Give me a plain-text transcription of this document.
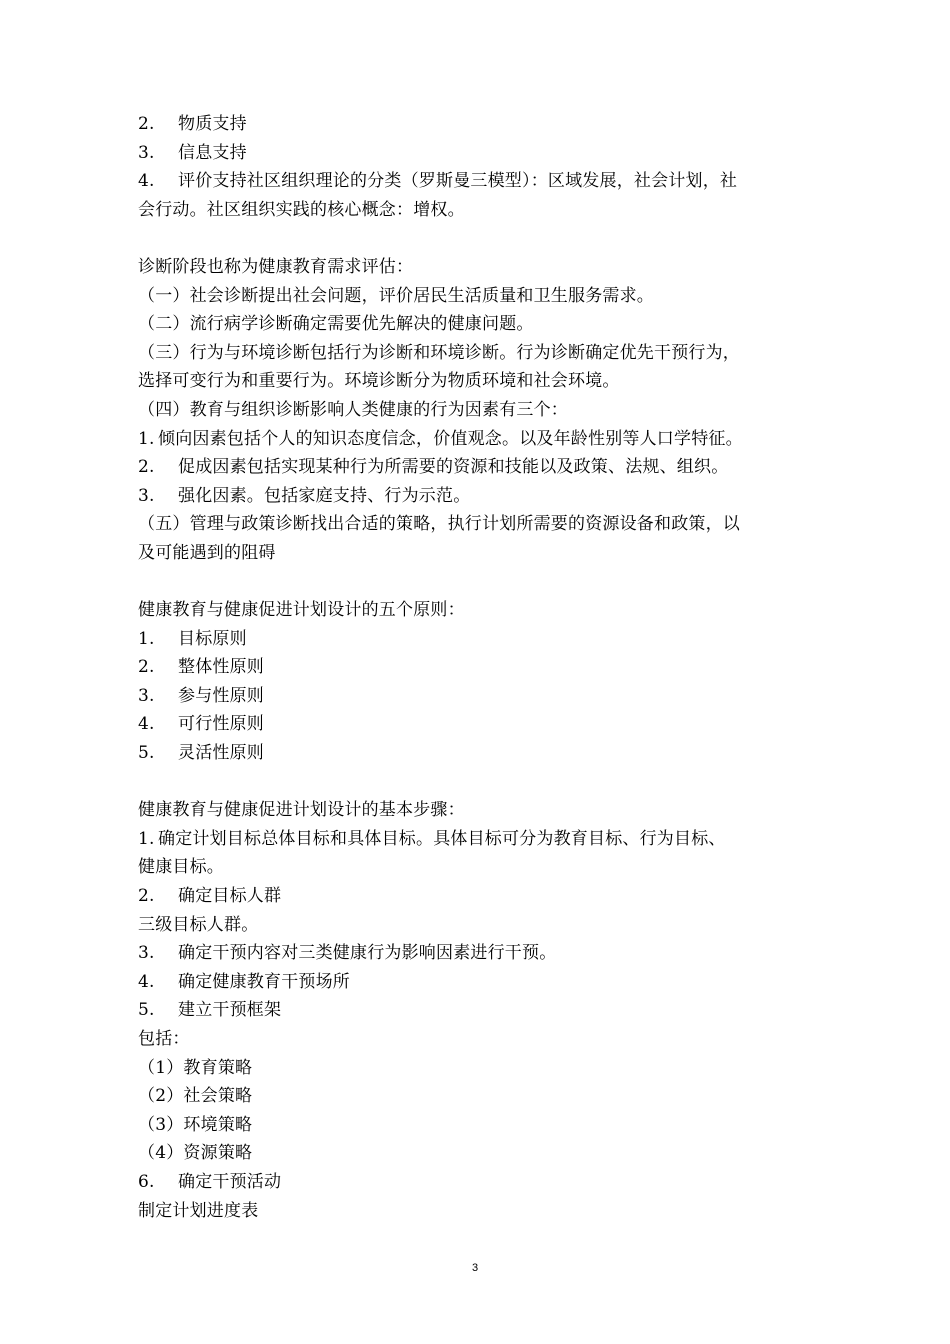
2. 物质支持
3. 信息支持
4. 评价支持社区组织理论的分类（罗斯曼三模型）：区域发展，社会计划，社
会行动。社区组织实践的核心概念：增权。
诊断阶段也称为健康教育需求评估：
（一）社会诊断提出社会问题，评价居民生活质量和卫生服务需求。
（二）流行病学诊断确定需要优先解决的健康问题。
（三）行为与环境诊断包括行为诊断和环境诊断。行为诊断确定优先干预行为，
选择可变行为和重要行为。环境诊断分为物质环境和社会环境。
（四）教育与组织诊断影响人类健康的行为因素有三个：
1. 倾向因素包括个人的知识态度信念，价值观念。以及年龄性别等人口学特征。
2. 促成因素包括实现某种行为所需要的资源和技能以及政策、法规、组织。
3. 强化因素。包括家庭支持、行为示范。
（五）管理与政策诊断找出合适的策略，执行计划所需要的资源设备和政策，以
及可能遇到的阻碍
健康教育与健康促进计划设计的五个原则：
1. 目标原则
2. 整体性原则
3. 参与性原则
4. 可行性原则
5. 灵活性原则
健康教育与健康促进计划设计的基本步骤：
1. 确定计划目标总体目标和具体目标。具体目标可分为教育目标、行为目标、
健康目标。
2. 确定目标人群
三级目标人群。
3. 确定干预内容对三类健康行为影响因素进行干预。
4. 确定健康教育干预场所
5. 建立干预框架
包括：
（1）教育策略
（2）社会策略
（3）环境策略
（4）资源策略
6. 确定干预活动
制定计划进度表
3
